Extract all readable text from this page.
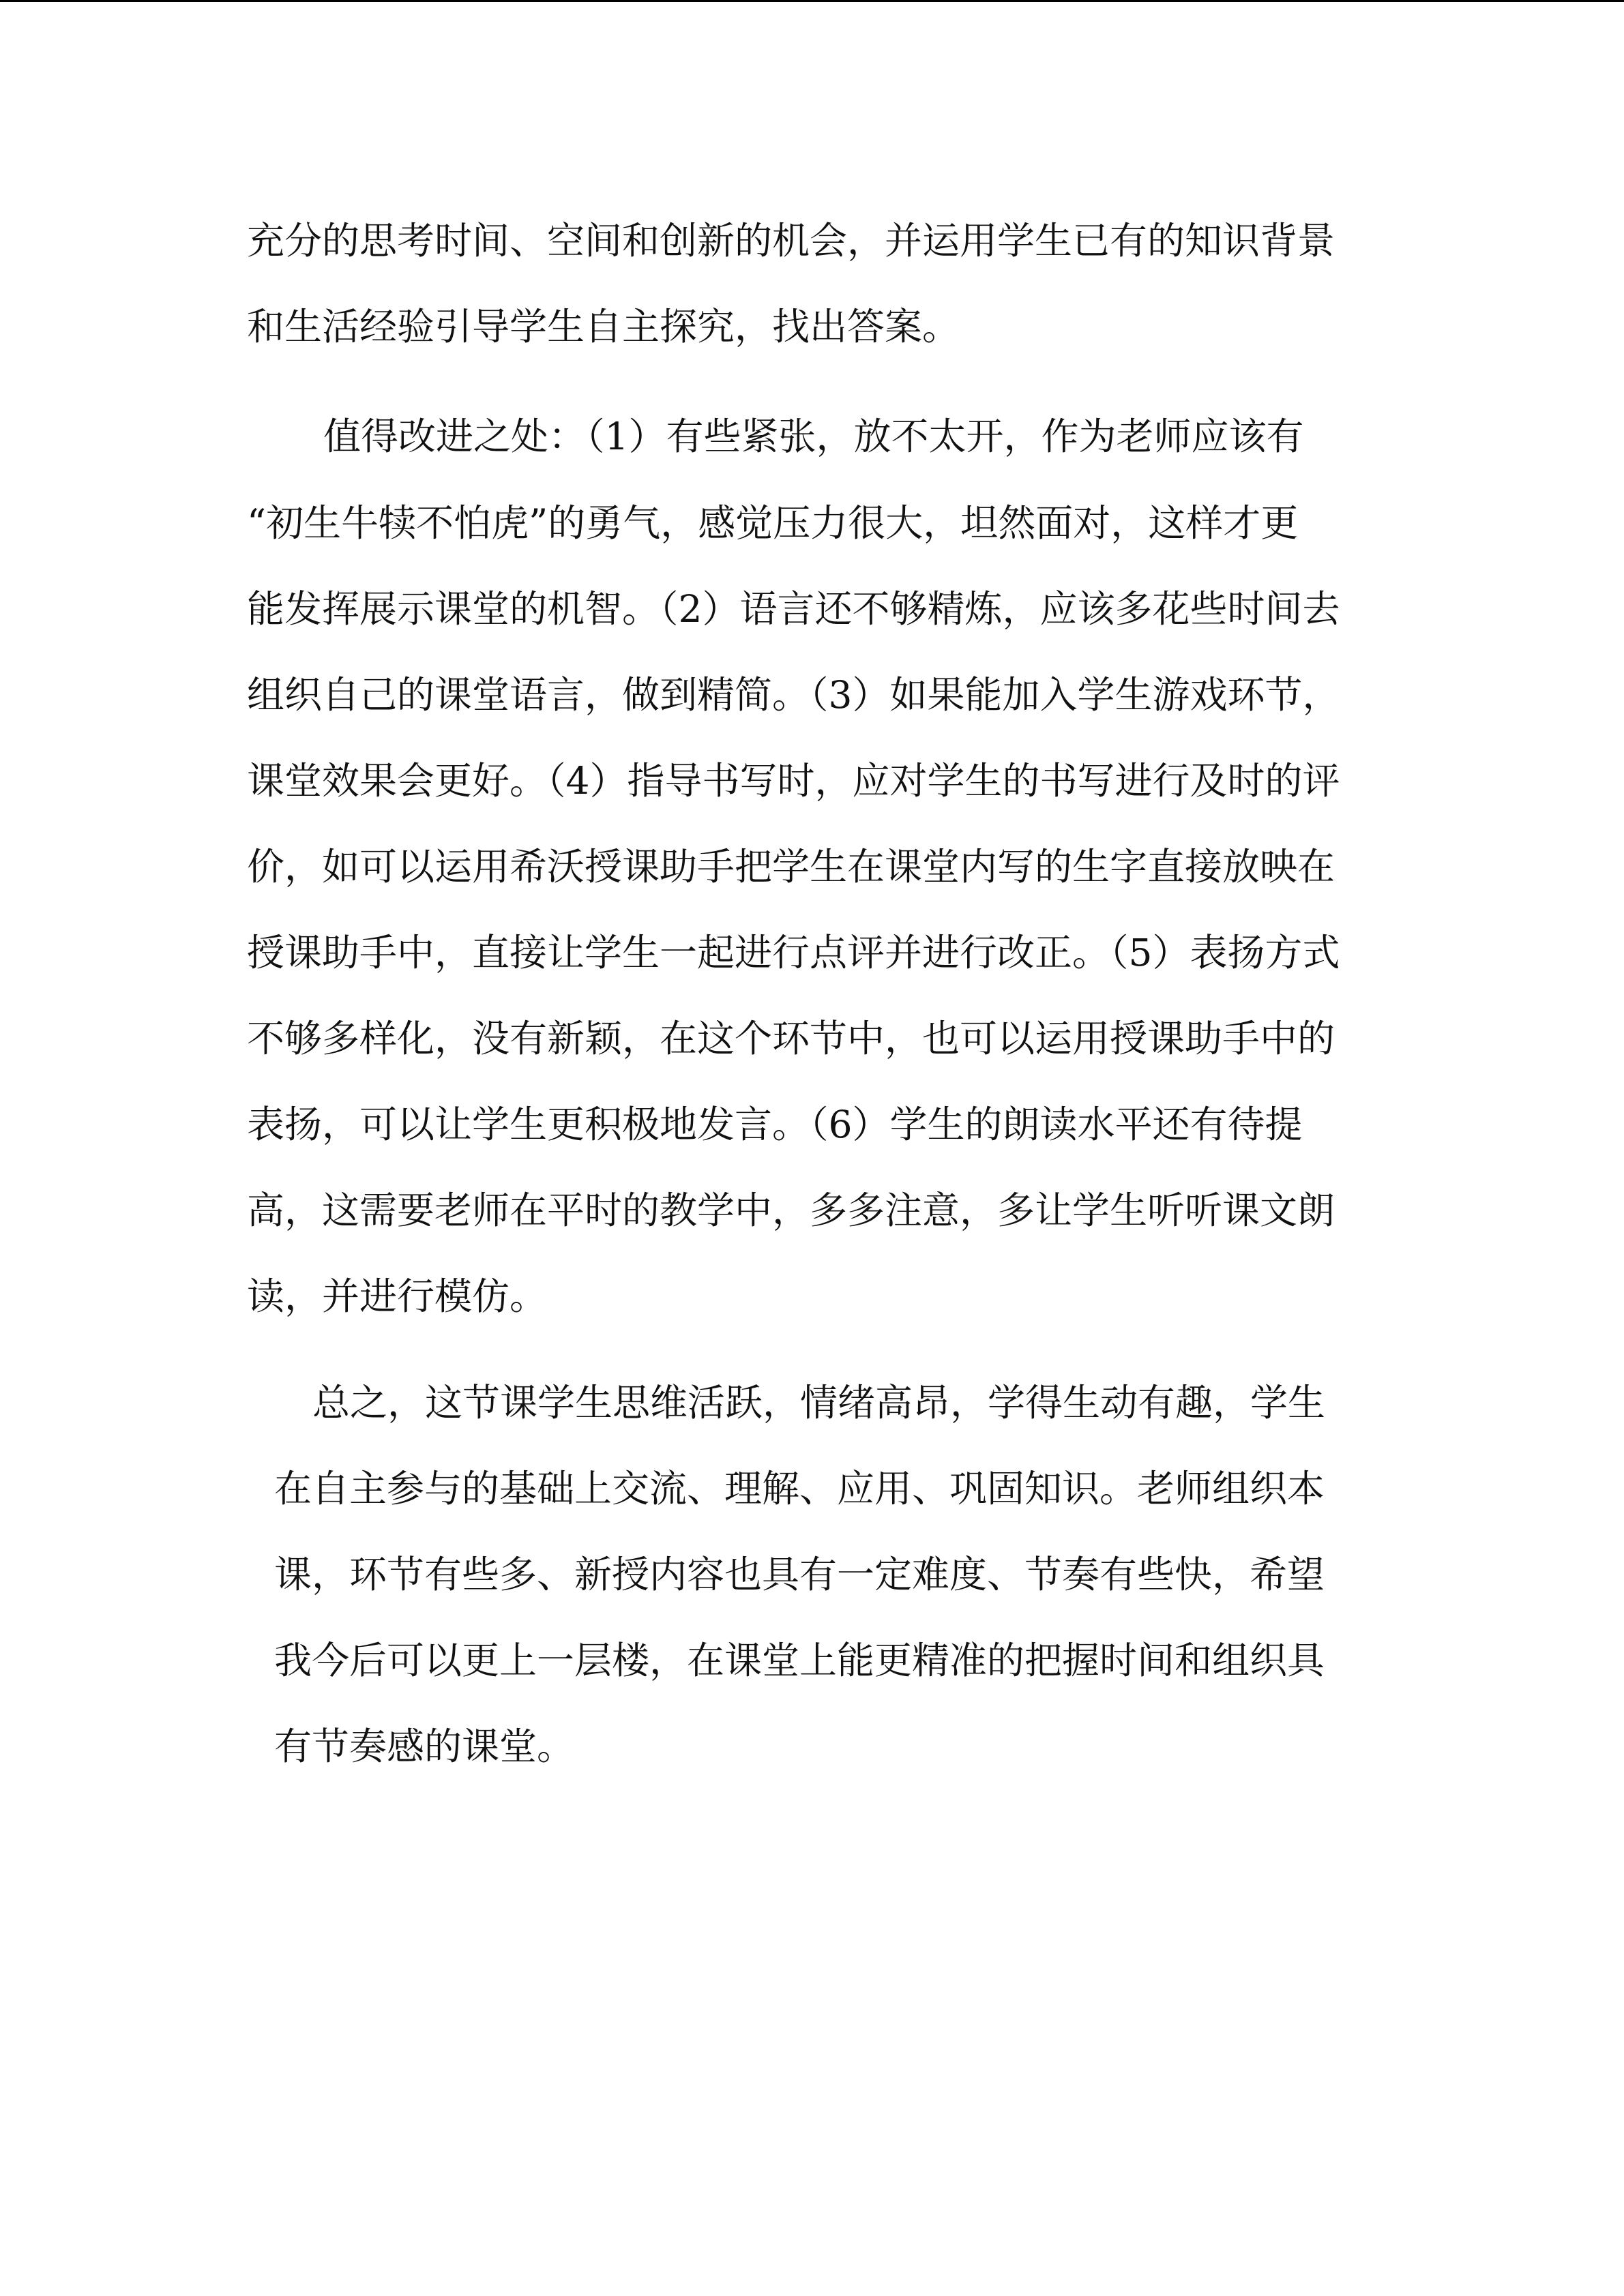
充分的思考时间、空间和创新的机会，并运用学生已有的知识背景

和生活经验引导学生自主探究，找出答案。

值得改进之处：（1）有些紧张，放不太开，作为老师应该有

“初生牛犊不怕虎”的勇气，感觉压力很大，坦然面对，这样才更

能发挥展示课堂的机智。（2）语言还不够精炼，应该多花些时间去

组织自己的课堂语言，做到精简。（3）如果能加入学生游戏环节，

课堂效果会更好。（4）指导书写时，应对学生的书写进行及时的评

价，如可以运用希沃授课助手把学生在课堂内写的生字直接放映在

授课助手中，直接让学生一起进行点评并进行改正。（5）表扬方式

不够多样化，没有新颖，在这个环节中，也可以运用授课助手中的

表扬，可以让学生更积极地发言。（6）学生的朗读水平还有待提

高，这需要老师在平时的教学中，多多注意，多让学生听听课文朗

读，并进行模仿。

总之，这节课学生思维活跃，情绪高昂，学得生动有趣，学生

在自主参与的基础上交流、理解、应用、巩固知识。老师组织本

课，环节有些多、新授内容也具有一定难度、节奏有些快，希望

我今后可以更上一层楼，在课堂上能更精准的把握时间和组织具

有节奏感的课堂。
